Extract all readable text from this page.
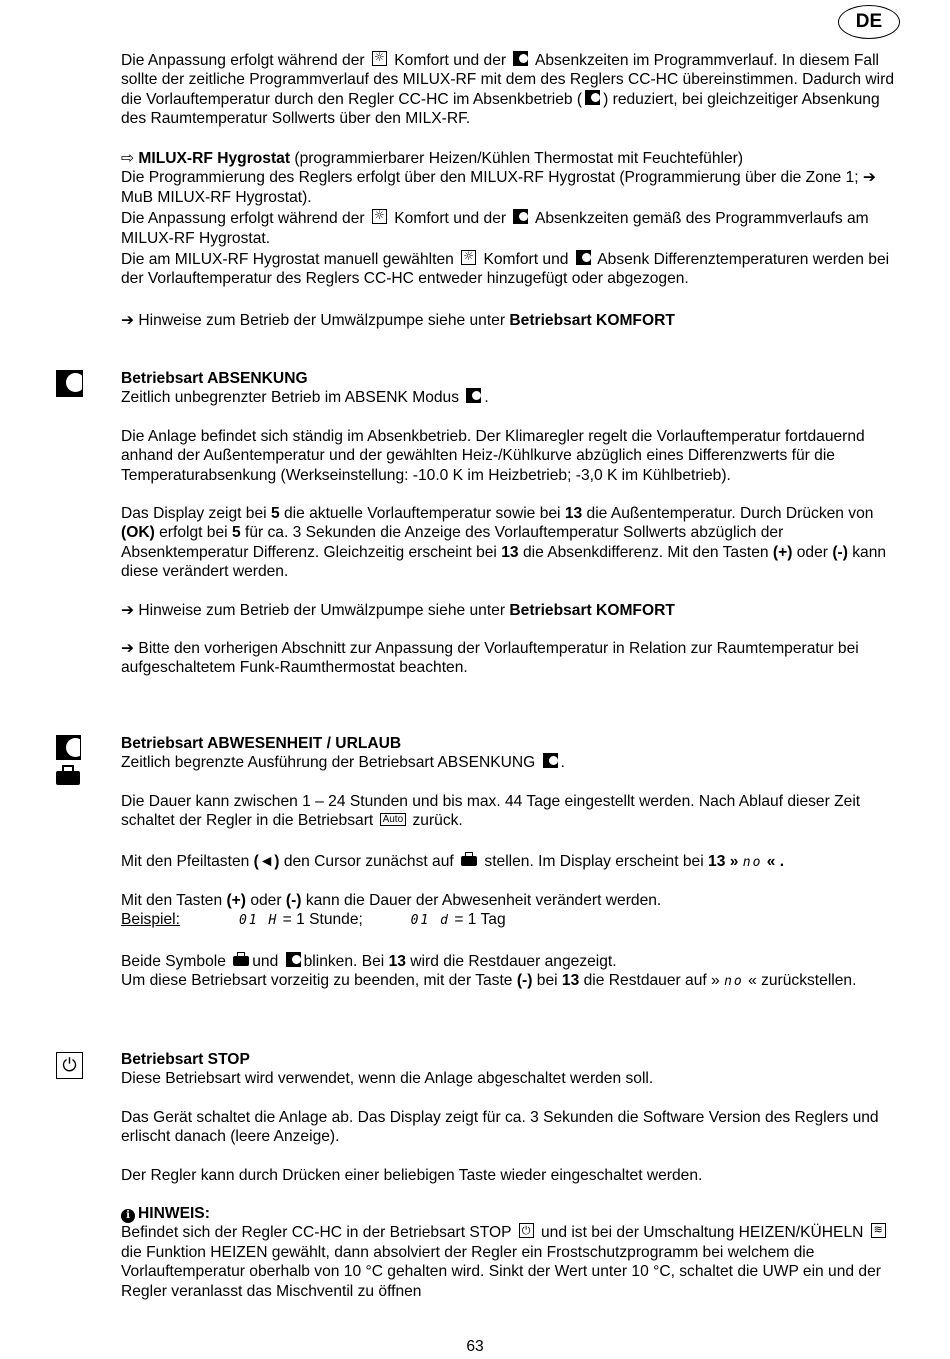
DE

Die Anpassung erfolgt während der ☼ Komfort und der Absenkzeiten im Programmverlauf. In diesem Fall sollte der zeitliche Programmverlauf des MILUX-RF mit dem des Reglers CC-HC übereinstimmen. Dadurch wird die Vorlauftemperatur durch den Regler CC-HC im Absenkbetrieb ( ) reduziert, bei gleichzeitiger Absenkung des Raumtemperatur Sollwerts über den MILX-RF.

⇨ MILUX-RF Hygrostat (programmierbarer Heizen/Kühlen Thermostat mit Feuchtefühler)
Die Programmierung des Reglers erfolgt über den MILUX-RF Hygrostat (Programmierung über die Zone 1; ➔ MuB MILUX-RF Hygrostat).

Die Anpassung erfolgt während der ☼ Komfort und der Absenkzeiten gemäß des Programmverlaufs am MILUX-RF Hygrostat.

Die am MILUX-RF Hygrostat manuell gewählten ☼ Komfort und Absenk Differenztemperaturen werden bei der Vorlauftemperatur des Reglers CC-HC entweder hinzugefügt oder abgezogen.

➔ Hinweise zum Betrieb der Umwälzpumpe siehe unter Betriebsart KOMFORT

Betriebsart ABSENKUNG

Zeitlich unbegrenzter Betrieb im ABSENK Modus .

Die Anlage befindet sich ständig im Absenkbetrieb. Der Klimaregler regelt die Vorlauftemperatur fortdauernd anhand der Außentemperatur und der gewählten Heiz-/Kühlkurve abzüglich eines Differenzwerts für die Temperaturabsenkung (Werkseinstellung: -10.0 K im Heizbetrieb; -3,0 K im Kühlbetrieb).

Das Display zeigt bei 5 die aktuelle Vorlauftemperatur sowie bei 13 die Außentemperatur. Durch Drücken von (OK) erfolgt bei 5 für ca. 3 Sekunden die Anzeige des Vorlauftemperatur Sollwerts abzüglich der Absenktemperatur Differenz. Gleichzeitig erscheint bei 13 die Absenkdifferenz. Mit den Tasten (+) oder (-) kann diese verändert werden.

➔ Hinweise zum Betrieb der Umwälzpumpe siehe unter Betriebsart KOMFORT

➔ Bitte den vorherigen Abschnitt zur Anpassung der Vorlauftemperatur in Relation zur Raumtemperatur bei aufgeschaltetem Funk-Raumthermostat beachten.

Betriebsart ABWESENHEIT / URLAUB

Zeitlich begrenzte Ausführung der Betriebsart ABSENKUNG .

Die Dauer kann zwischen 1 – 24 Stunden und bis max. 44 Tage eingestellt werden. Nach Ablauf dieser Zeit schaltet der Regler in die Betriebsart Auto zurück.

Mit den Pfeiltasten (◄) den Cursor zunächst auf stellen. Im Display erscheint bei 13 » no « .

Mit den Tasten (+) oder (-) kann die Dauer der Abwesenheit verändert werden.

Beispiel:	01 H = 1 Stunde;	01 d = 1 Tag

Beide Symbole und blinken. Bei 13 wird die Restdauer angezeigt.

Um diese Betriebsart vorzeitig zu beenden, mit der Taste (-) bei 13 die Restdauer auf » no « zurückstellen.

⏻	Betriebsart STOP

Diese Betriebsart wird verwendet, wenn die Anlage abgeschaltet werden soll.

Das Gerät schaltet die Anlage ab. Das Display zeigt für ca. 3 Sekunden die Software Version des Reglers und erlischt danach (leere Anzeige).

Der Regler kann durch Drücken einer beliebigen Taste wieder eingeschaltet werden.

i HINWEIS:

Befindet sich der Regler CC-HC in der Betriebsart STOP ⏻ und ist bei der Umschaltung HEIZEN/KÜHELN ≋ die Funktion HEIZEN gewählt, dann absolviert der Regler ein Frostschutzprogramm bei welchem die Vorlauftemperatur oberhalb von 10 °C gehalten wird. Sinkt der Wert unter 10 °C, schaltet die UWP ein und der Regler veranlasst das Mischventil zu öffnen

63
